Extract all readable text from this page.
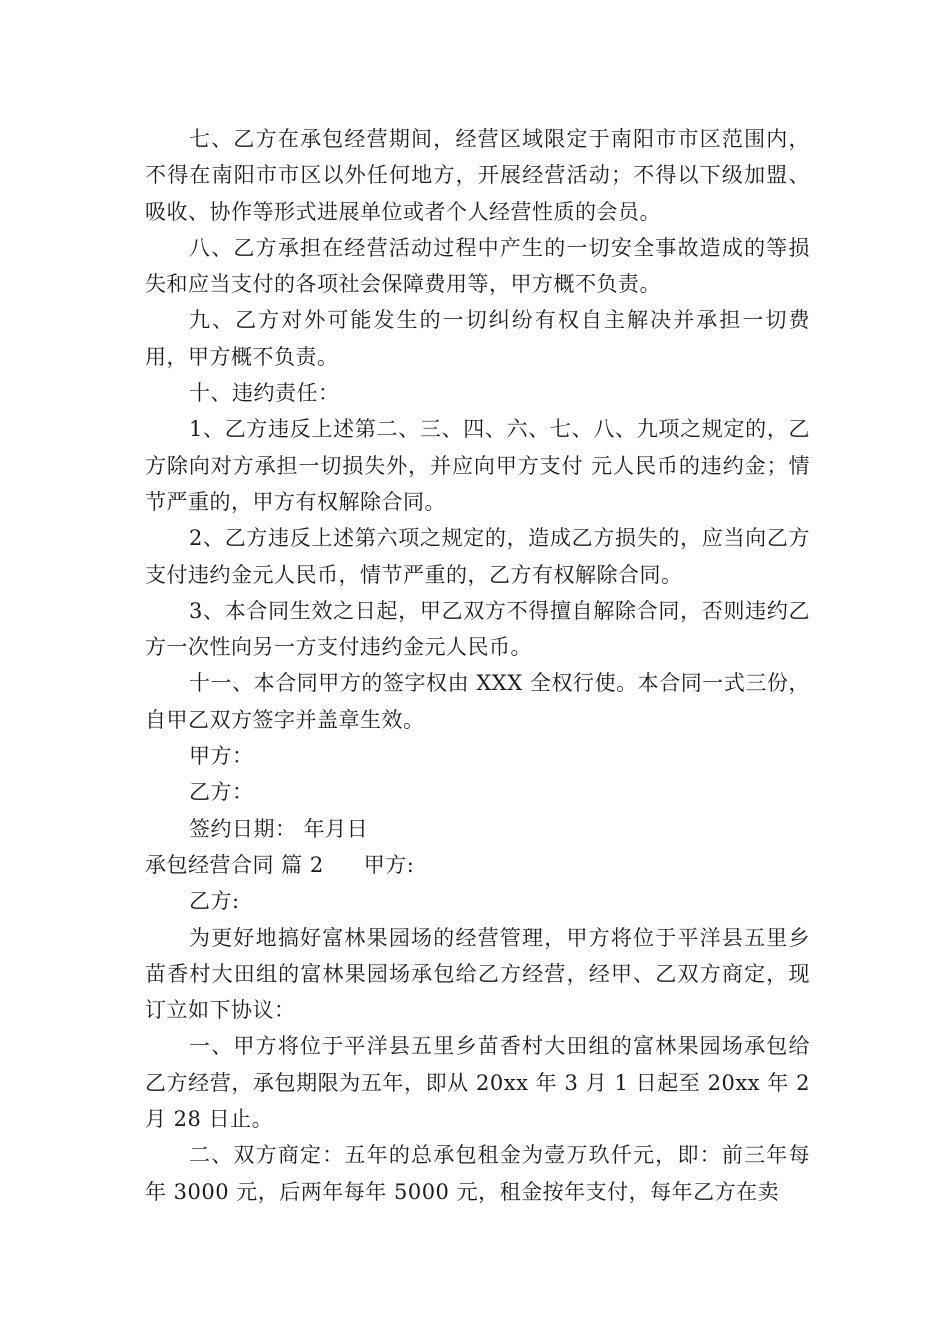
七、乙方在承包经营期间，经营区域限定于南阳市市区范围内，不得在南阳市市区以外任何地方，开展经营活动；不得以下级加盟、吸收、协作等形式进展单位或者个人经营性质的会员。

八、乙方承担在经营活动过程中产生的一切安全事故造成的等损失和应当支付的各项社会保障费用等，甲方概不负责。

九、乙方对外可能发生的一切纠纷有权自主解决并承担一切费用，甲方概不负责。

十、违约责任：

1、乙方违反上述第二、三、四、六、七、八、九项之规定的，乙方除向对方承担一切损失外，并应向甲方支付 元人民币的违约金；情节严重的，甲方有权解除合同。

2、乙方违反上述第六项之规定的，造成乙方损失的，应当向乙方支付违约金元人民币，情节严重的，乙方有权解除合同。

3、本合同生效之日起，甲乙双方不得擅自解除合同，否则违约乙方一次性向另一方支付违约金元人民币。

十一、本合同甲方的签字权由 XXX 全权行使。本合同一式三份，自甲乙双方签字并盖章生效。

甲方：

乙方：

签约日期： 年月日

承包经营合同 篇 2 甲方:

乙方:

为更好地搞好富林果园场的经营管理，甲方将位于平洋县五里乡苗香村大田组的富林果园场承包给乙方经营，经甲、乙双方商定，现订立如下协议：

一、甲方将位于平洋县五里乡苗香村大田组的富林果园场承包给乙方经营，承包期限为五年，即从 20xx 年 3 月 1 日起至 20xx 年 2 月 28 日止。

二、双方商定：五年的总承包租金为壹万玖仟元，即：前三年每年 3000 元，后两年每年 5000 元，租金按年支付，每年乙方在卖
